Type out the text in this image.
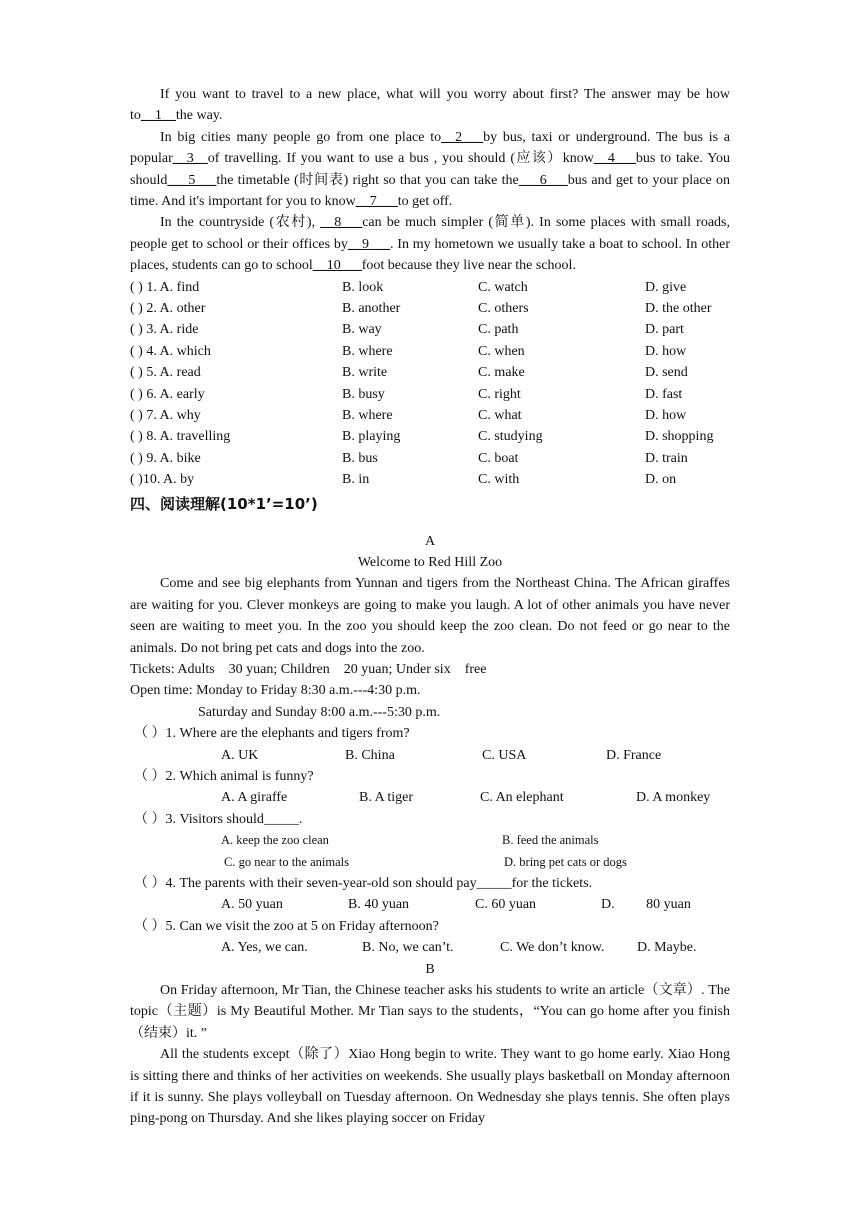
If you want to travel to a new place, what will you worry about first? The answer may be how to__1__the way.

In big cities many people go from one place to__2___by bus, taxi or underground. The bus is a popular__3__of travelling. If you want to use a bus , you should (应该）know__4___bus to take. You should___5___the timetable (时间表) right so that you can take the___6___bus and get to your place on time. And it's important for you to know__7___to get off.

In the countryside (农村), __8___can be much simpler (简单). In some places with small roads, people get to school or their offices by__9___. In my hometown we usually take a boat to school. In other places, students can go to school__10___foot because they live near the school.

( ) 1. A. find	B. look	C. watch	D. give
( ) 2. A. other	B. another	C. others	D. the other
( ) 3. A. ride	B. way	C. path	D. part
( ) 4. A. which	B. where	C. when	D. how
( ) 5. A. read	B. write	C. make	D. send
( ) 6. A. early	B. busy	C. right	D. fast
( ) 7. A. why	B. where	C. what	D. how
( ) 8. A. travelling	B. playing	C. studying	D. shopping
( ) 9. A. bike	B. bus	C. boat	D. train
( )10. A. by	B. in	C. with	D. on
四、阅读理解(10*1’=10’)

A

Welcome to Red Hill Zoo

Come and see big elephants from Yunnan and tigers from the Northeast China. The African giraffes are waiting for you. Clever monkeys are going to make you laugh. A lot of other animals you have never seen are waiting to meet you. In the zoo you should keep the zoo clean. Do not feed or go near to the animals. Do not bring pet cats and dogs into the zoo.

Tickets: Adults    30 yuan; Children    20 yuan; Under six    free

Open time: Monday to Friday 8:30 a.m.---4:30 p.m.

Saturday and Sunday 8:00 a.m.---5:30 p.m.

（ ）1. Where are the elephants and tigers from?
A. UK	B. China	C. USA	D. France
（ ）2. Which animal is funny?
A. A giraffe	B. A tiger	C. An elephant	D. A monkey
（ ）3. Visitors should_____.
A. keep the zoo clean	B. feed the animals
C. go near to the animals	D. bring pet cats or dogs
（ ）4. The parents with their seven-year-old son should pay_____for the tickets.
A. 50 yuan	B. 40 yuan	C. 60 yuan	D.         80 yuan
（ ）5. Can we visit the zoo at 5 on Friday afternoon?
A. Yes, we can.	B. No, we can’t.	C. We don’t know. D. Maybe.

B

On Friday afternoon, Mr Tian, the Chinese teacher asks his students to write an article（文章）. The topic（主题）is My Beautiful Mother. Mr Tian says to the students，“You can go home after you finish（结束）it. ”

All the students except（除了）Xiao Hong begin to write. They want to go home early. Xiao Hong is sitting there and thinks of her activities on weekends. She usually plays basketball on Monday afternoon if it is sunny. She plays volleyball on Tuesday afternoon. On Wednesday she plays tennis. She often plays ping-pong on Thursday. And she likes playing soccer on Friday
